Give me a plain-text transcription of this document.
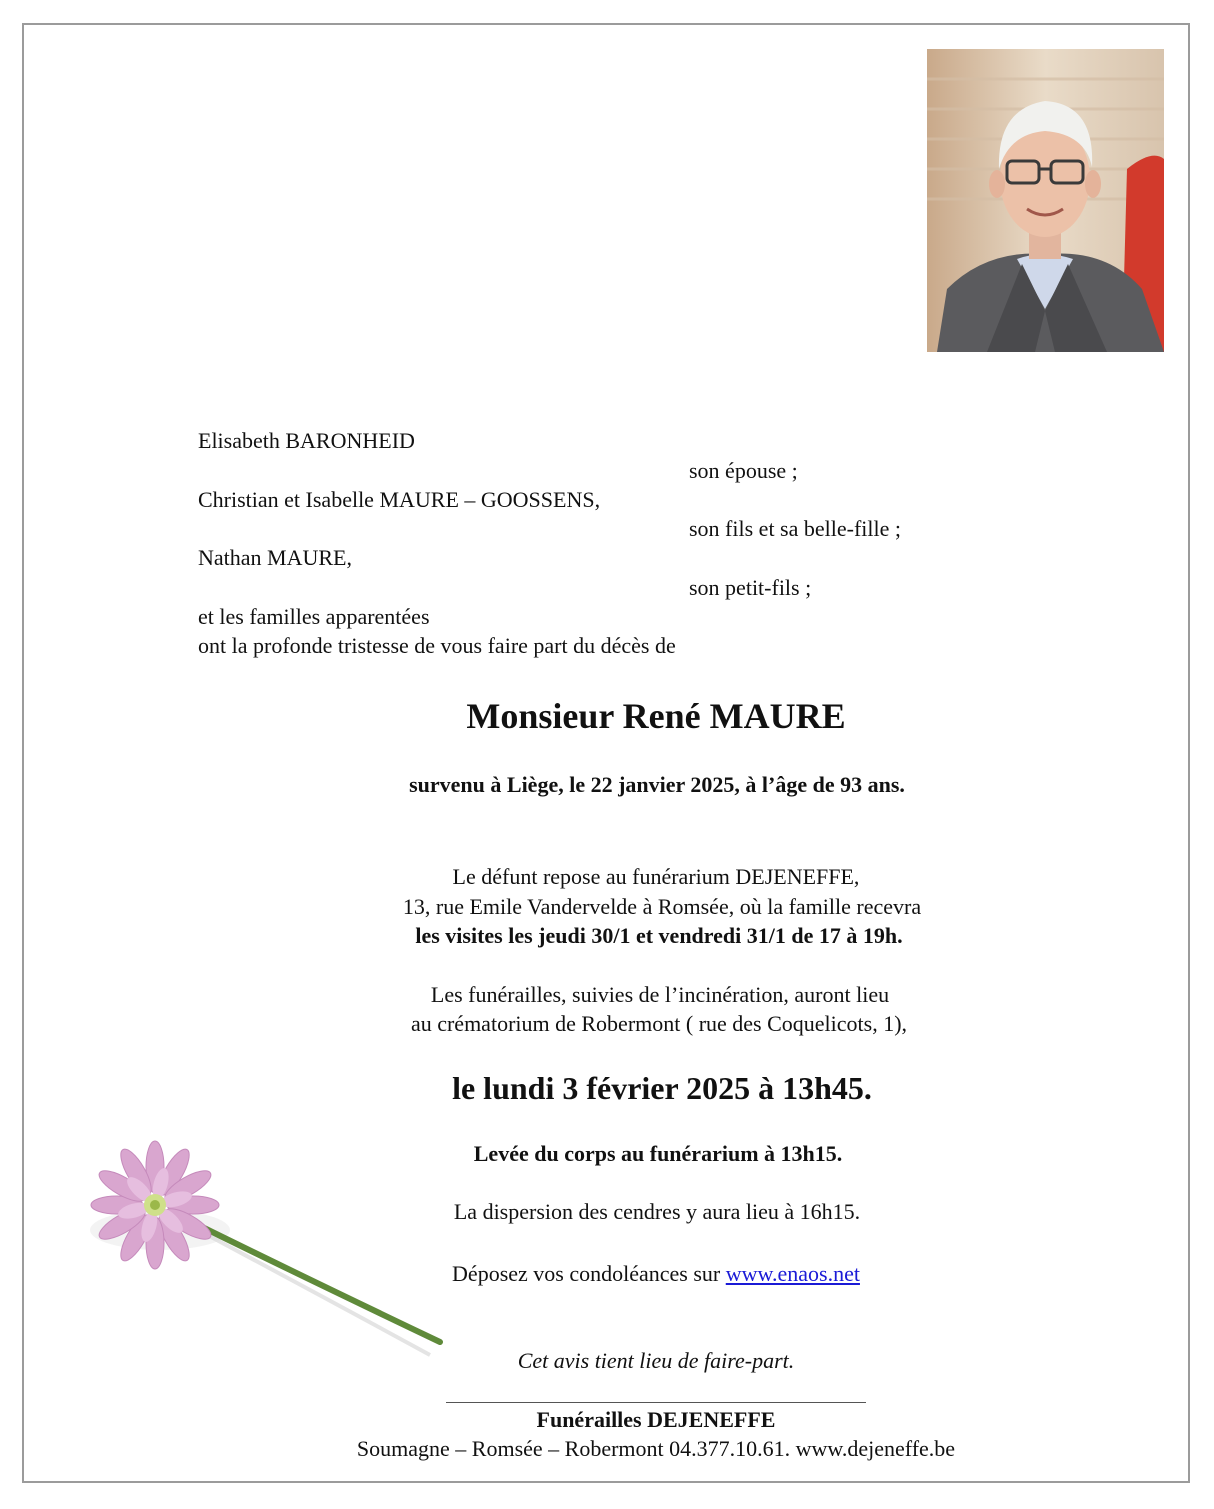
Elisabeth BARONHEID
son épouse ;
Christian et Isabelle MAURE – GOOSSENS,
son fils et sa belle-fille ;
Nathan MAURE,
son petit-fils ;
et les familles apparentées
ont la profonde tristesse de vous faire part du décès de
Monsieur René MAURE
survenu à Liège, le 22 janvier 2025, à l’âge de 93 ans.
Le défunt repose au funérarium DEJENEFFE,
13, rue Emile Vandervelde à Romsée, où la famille recevra
les visites les jeudi 30/1 et vendredi 31/1 de 17 à 19h.
Les funérailles, suivies de l’incinération, auront lieu
au crématorium de Robermont ( rue des Coquelicots, 1),
le lundi 3 février 2025 à 13h45.
Levée du corps au funérarium à 13h15.
La dispersion des cendres y aura lieu à 16h15.
Déposez vos condoléances sur www.enaos.net
Cet avis tient lieu de faire-part.
Funérailles DEJENEFFE
Soumagne – Romsée – Robermont 04.377.10.61. www.dejeneffe.be
